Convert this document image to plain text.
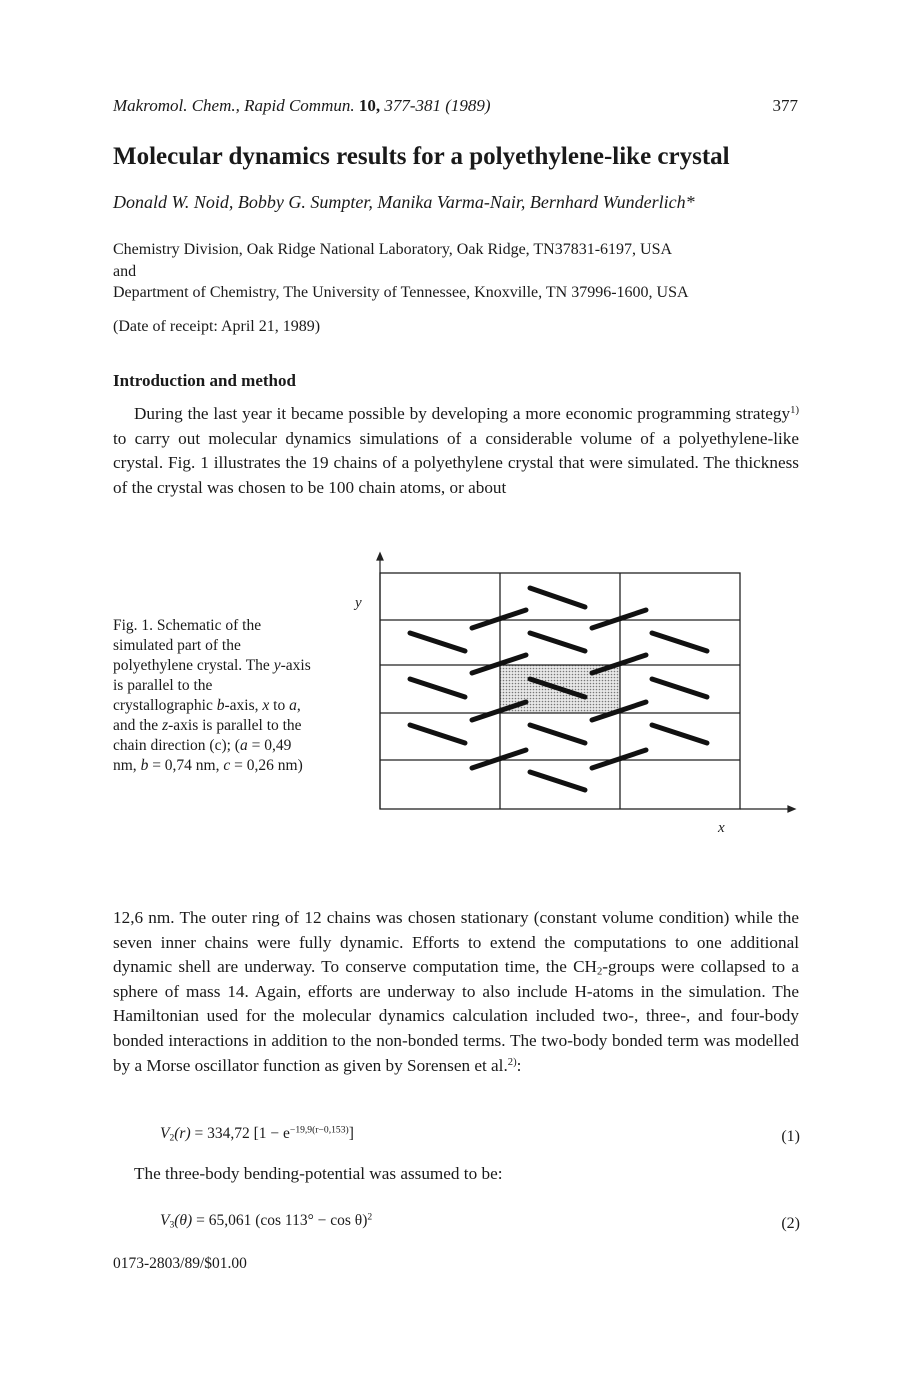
Makromol. Chem., Rapid Commun. 10, 377-381 (1989)	377
Molecular dynamics results for a polyethylene-like crystal
Donald W. Noid, Bobby G. Sumpter, Manika Varma-Nair, Bernhard Wunderlich*
Chemistry Division, Oak Ridge National Laboratory, Oak Ridge, TN37831-6197, USA
and
Department of Chemistry, The University of Tennessee, Knoxville, TN 37996-1600, USA
(Date of receipt: April 21, 1989)
Introduction and method
During the last year it became possible by developing a more economic programming strategy$^{1)}$ to carry out molecular dynamics simulations of a considerable volume of a polyethylene-like crystal. Fig. 1 illustrates the 19 chains of a polyethylene crystal that were simulated. The thickness of the crystal was chosen to be 100 chain atoms, or about
Fig. 1. Schematic of the simulated part of the polyethylene crystal. The y-axis is parallel to the crystallographic b-axis, x to a, and the z-axis is parallel to the chain direction (c); (a = 0,49 nm, b = 0,74 nm, c = 0,26 nm)
y
x
12,6 nm. The outer ring of 12 chains was chosen stationary (constant volume condition) while the seven inner chains were fully dynamic. Efforts to extend the computations to one additional dynamic shell are underway. To conserve computation time, the $CH_2$-groups were collapsed to a sphere of mass 14. Again, efforts are underway to also include H-atoms in the simulation. The Hamiltonian used for the molecular dynamics calculation included two-, three-, and four-body bonded interactions in addition to the non-bonded terms. The two-body bonded term was modelled by a Morse oscillator function as given by Sorensen et al.$^{2)}$:
$V_2(r) = 334,72$ $[1 - e^{-19,9(r-0,153)}]$	(1)
The three-body bending-potential was assumed to be:
$V_3(\theta) = 65,061$ (cos 113° − cos θ)$^2$	(2)
0173-2803/89/$01.00
